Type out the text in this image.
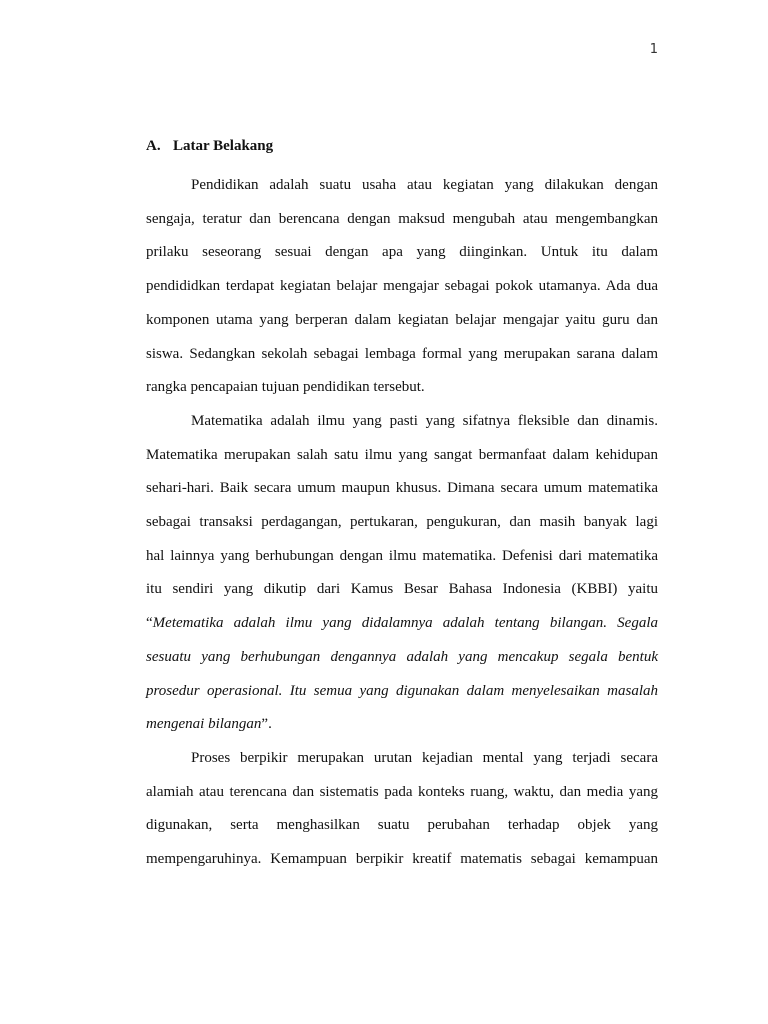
1
A. Latar Belakang
Pendidikan adalah suatu usaha atau kegiatan yang dilakukan dengan
sengaja, teratur dan berencana dengan maksud mengubah atau mengembangkan
prilaku seseorang sesuai dengan apa yang diinginkan. Untuk itu dalam
pendididkan terdapat kegiatan belajar mengajar sebagai pokok utamanya. Ada dua
komponen utama yang berperan dalam kegiatan belajar mengajar yaitu guru dan
siswa. Sedangkan sekolah sebagai lembaga formal yang merupakan sarana dalam
rangka pencapaian tujuan pendidikan tersebut.
Matematika adalah ilmu yang pasti yang sifatnya fleksible dan dinamis.
Matematika merupakan salah satu ilmu yang sangat bermanfaat dalam kehidupan
sehari-hari. Baik secara umum maupun khusus. Dimana secara umum matematika
sebagai transaksi perdagangan, pertukaran, pengukuran, dan masih banyak lagi
hal lainnya yang berhubungan dengan ilmu matematika. Defenisi dari matematika
itu sendiri yang dikutip dari Kamus Besar Bahasa Indonesia (KBBI) yaitu
“Metematika adalah ilmu yang didalamnya adalah tentang bilangan. Segala
sesuatu yang berhubungan dengannya adalah yang mencakup segala bentuk
prosedur operasional. Itu semua yang digunakan dalam menyelesaikan masalah
mengenai bilangan”.
Proses berpikir merupakan urutan kejadian mental yang terjadi secara
alamiah atau terencana dan sistematis pada konteks ruang, waktu, dan media yang
digunakan, serta menghasilkan suatu perubahan terhadap objek yang
mempengaruhinya. Kemampuan berpikir kreatif matematis sebagai kemampuan
